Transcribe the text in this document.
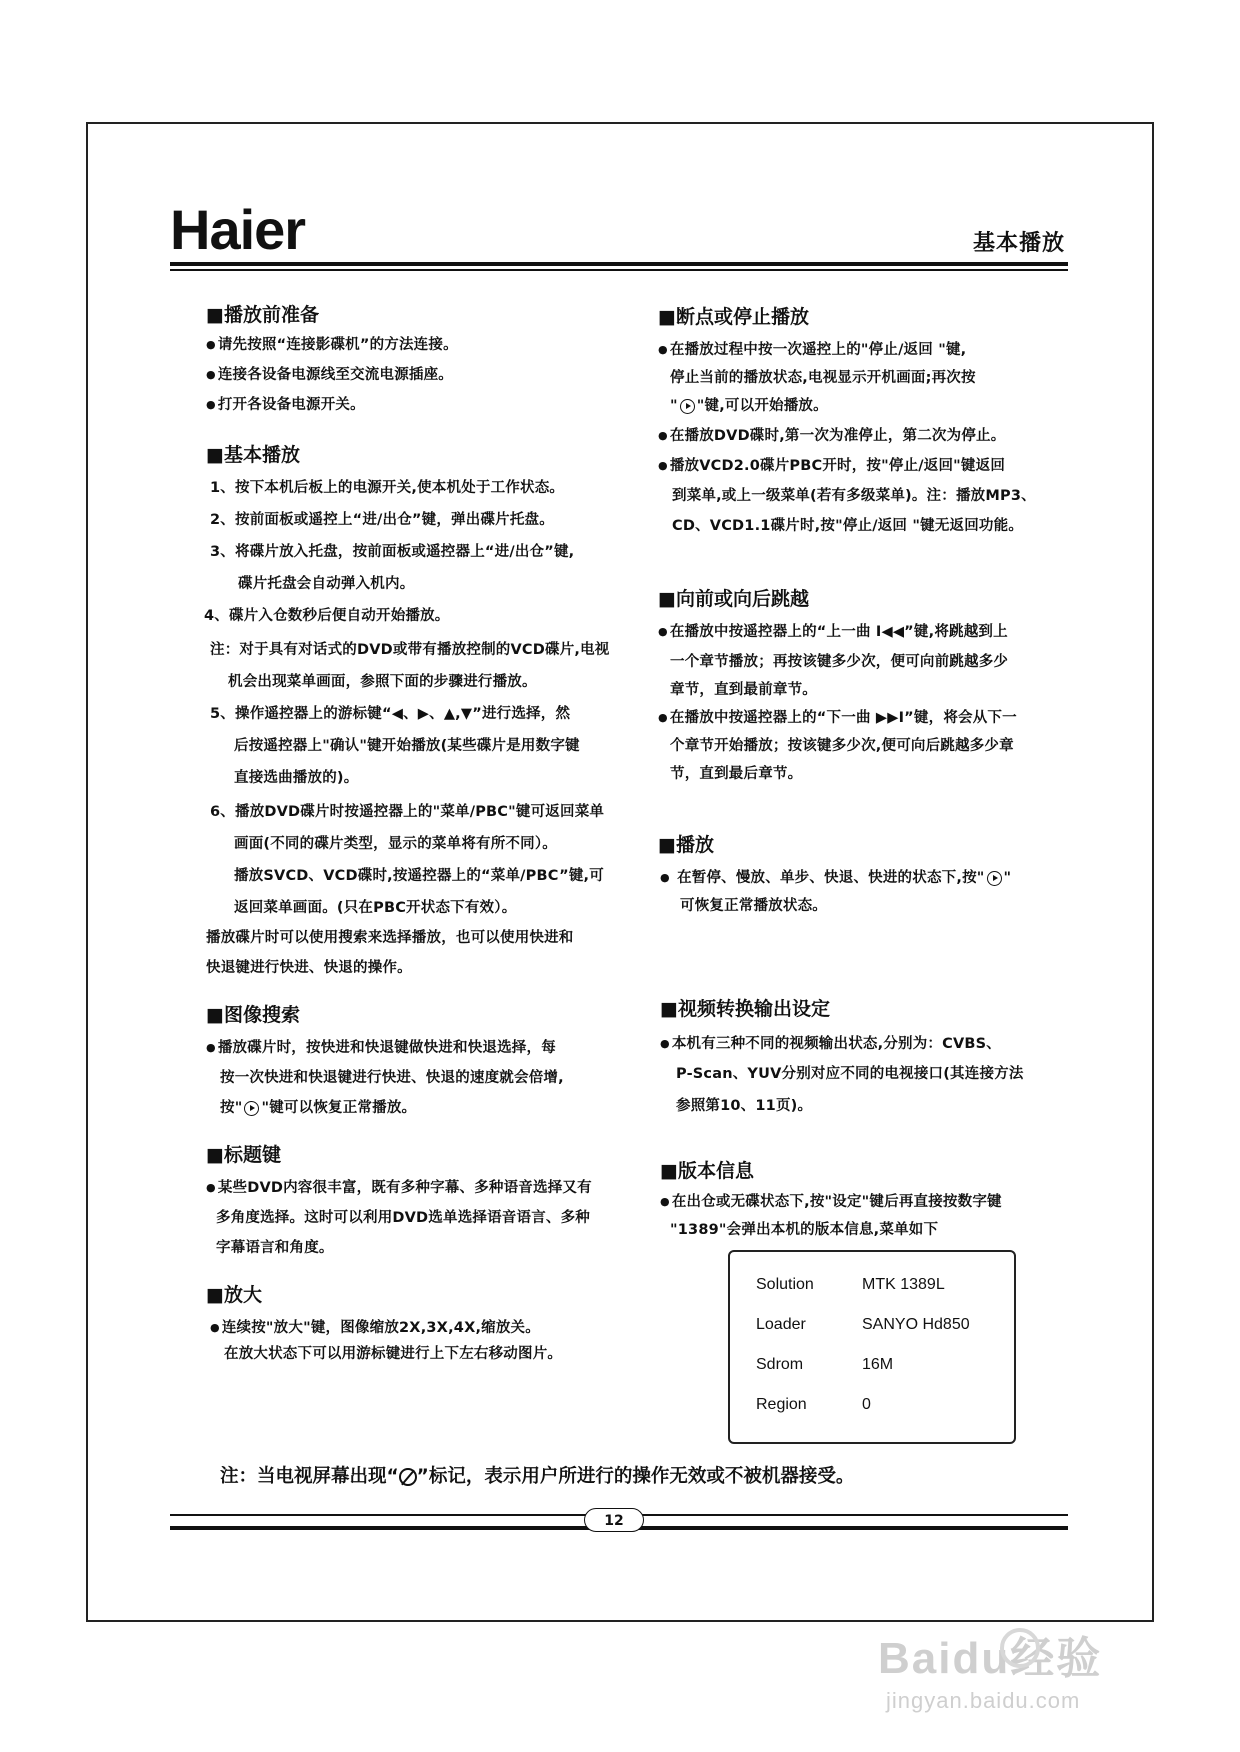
Haier	基本播放
■播放前准备
● 请先按照“连接影碟机”的方法连接。
● 连接各设备电源线至交流电源插座。
● 打开各设备电源开关。
■基本播放
1、按下本机后板上的电源开关,使本机处于工作状态。
2、按前面板或遥控上“进/出仓”键，弹出碟片托盘。
3、将碟片放入托盘，按前面板或遥控器上“进/出仓”键,
碟片托盘会自动弹入机内。
4、碟片入仓数秒后便自动开始播放。
注：对于具有对话式的DVD或带有播放控制的VCD碟片,电视
机会出现菜单画面，参照下面的步骤进行播放。
5、操作遥控器上的游标键“◀、▶、▲,▼”进行选择，然
后按遥控器上"确认"键开始播放(某些碟片是用数字键
直接选曲播放的)。
6、播放DVD碟片时按遥控器上的"菜单/PBC"键可返回菜单
画面(不同的碟片类型，显示的菜单将有所不同）。
播放SVCD、VCD碟时,按遥控器上的“菜单/PBC”键,可
返回菜单画面。(只在PBC开状态下有效）。
播放碟片时可以使用搜索来选择播放，也可以使用快进和
快退键进行快进、快退的操作。
■图像搜索
● 播放碟片时，按快进和快退键做快进和快退选择，每
按一次快进和快退键进行快进、快退的速度就会倍增,
按" "键可以恢复正常播放。
■标题键
● 某些DVD内容很丰富，既有多种字幕、多种语音选择又有
多角度选择。这时可以利用DVD选单选择语音语言、多种
字幕语言和角度。
■放大
● 连续按"放大"键，图像缩放2X,3X,4X,缩放关。
在放大状态下可以用游标键进行上下左右移动图片。
■断点或停止播放
● 在播放过程中按一次遥控上的"停止/返回 "键,
停止当前的播放状态,电视显示开机画面;再次按
" "键,可以开始播放。
● 在播放DVD碟时,第一次为准停止，第二次为停止。
● 播放VCD2.0碟片PBC开时，按"停止/返回"键返回
到菜单,或上一级菜单(若有多级菜单)。注：播放MP3、
CD、VCD1.1碟片时,按"停止/返回 "键无返回功能。
■向前或向后跳越
● 在播放中按遥控器上的“上一曲 I◀◀”键,将跳越到上
一个章节播放；再按该键多少次，便可向前跳越多少
章节，直到最前章节。
● 在播放中按遥控器上的“下一曲 ▶▶I”键，将会从下一
个章节开始播放；按该键多少次,便可向后跳越多少章
节，直到最后章节。
■播放
● 在暂停、慢放、单步、快退、快进的状态下,按" "
可恢复正常播放状态。
■视频转换输出设定
● 本机有三种不同的视频输出状态,分别为：CVBS、
P-Scan、YUV分别对应不同的电视接口(其连接方法
参照第10、11页)。
■版本信息
● 在出仓或无碟状态下,按"设定"键后再直接按数字键
"1389"会弹出本机的版本信息,菜单如下
Solution	MTK 1389L
Loader	SANYO Hd850
Sdrom	16M
Region	0
注：当电视屏幕出现“ ”标记，表示用户所进行的操作无效或不被机器接受。
12
Baidu经验
jingyan.baidu.com
